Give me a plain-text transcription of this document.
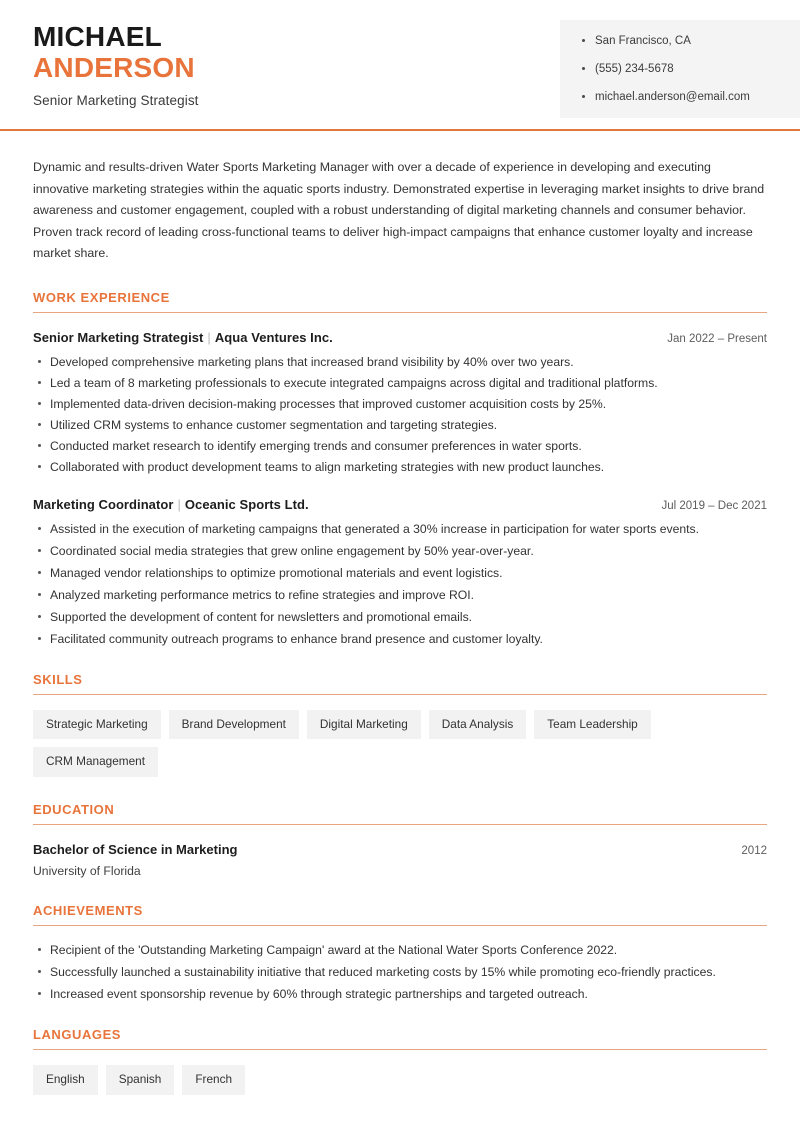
MICHAEL
ANDERSON
Senior Marketing Strategist
San Francisco, CA
(555) 234-5678
michael.anderson@email.com

Dynamic and results-driven Water Sports Marketing Manager with over a decade of experience in developing and executing innovative marketing strategies within the aquatic sports industry. Demonstrated expertise in leveraging market insights to drive brand awareness and customer engagement, coupled with a robust understanding of digital marketing channels and consumer behavior. Proven track record of leading cross-functional teams to deliver high-impact campaigns that enhance customer loyalty and increase market share.

WORK EXPERIENCE
Senior Marketing Strategist | Aqua Ventures Inc.	Jan 2022 – Present
Developed comprehensive marketing plans that increased brand visibility by 40% over two years.
Led a team of 8 marketing professionals to execute integrated campaigns across digital and traditional platforms.
Implemented data-driven decision-making processes that improved customer acquisition costs by 25%.
Utilized CRM systems to enhance customer segmentation and targeting strategies.
Conducted market research to identify emerging trends and consumer preferences in water sports.
Collaborated with product development teams to align marketing strategies with new product launches.
Marketing Coordinator | Oceanic Sports Ltd.	Jul 2019 – Dec 2021
Assisted in the execution of marketing campaigns that generated a 30% increase in participation for water sports events.
Coordinated social media strategies that grew online engagement by 50% year-over-year.
Managed vendor relationships to optimize promotional materials and event logistics.
Analyzed marketing performance metrics to refine strategies and improve ROI.
Supported the development of content for newsletters and promotional emails.
Facilitated community outreach programs to enhance brand presence and customer loyalty.
SKILLS
Strategic Marketing	Brand Development	Digital Marketing	Data Analysis	Team Leadership
CRM Management
EDUCATION
Bachelor of Science in Marketing	2012
University of Florida
ACHIEVEMENTS
Recipient of the 'Outstanding Marketing Campaign' award at the National Water Sports Conference 2022.
Successfully launched a sustainability initiative that reduced marketing costs by 15% while promoting eco-friendly practices.
Increased event sponsorship revenue by 60% through strategic partnerships and targeted outreach.
LANGUAGES
English	Spanish	French
